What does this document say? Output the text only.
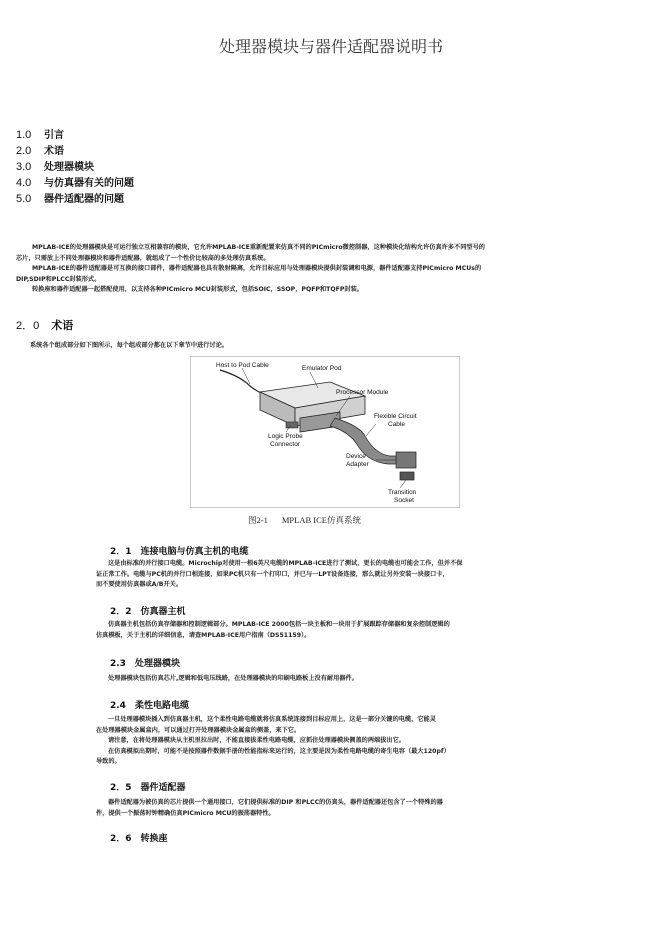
处理器模块与器件适配器说明书
1.0 引言
2.0 术语
3.0 处理器模块
4.0 与仿真器有关的问题
5.0 器件适配器的问题
MPLAB-ICE的处理器模块是可运行独立互相兼容的模块，它允许MPLAB-ICE重新配置来仿真不同的PICmicro微控制器，这种模块化结构允许仿真许多不同型号的
芯片，只需放上不同处理器模块和器件适配器，就组成了一个性价比较高的多处理仿真系统。
MPLAB-ICE的器件适配器是可互换的接口部件，器件适配器也具有散射隔离，允许目标应用与处理器模块提供封装调和电源，器件适配器支持PICmicro MCUs的
DIP,SDIP和PLCC封装形式。
转换座和器件适配器一起搭配使用，以支持各种PICmicro MCU封装形式，包括SOIC，SSOP，PQFP和TQFP封装。
2．0 术语
系统各个组成部分如下图所示，每个组成部分都在以下章节中进行讨论。
Host to Pod Cable	Emulator Pod
Processor Module
Flexible Circuit
Cable
Logic Probe
Connector
Device
Adapter
Transition
Socket
图2-1 MPLAB ICE仿真系统
2．1　连接电脑与仿真主机的电缆
这是由标准的并行接口电缆。Microchip对使用一根6英尺电缆的MPLAB-ICE进行了测试，更长的电缆也可能会工作，但并不保
证正常工作。电缆与PC机的并行口相连接，如果PC机只有一个打印口，并已与一LPT设备连接，那么就让另外安装一块接口卡，
而不要使用仿真器或A/B开关。
2．2　仿真器主机
仿真器主机包括仿真存储器和控制逻辑部分。MPLAB-ICE 2000包括一块主板和一块用于扩展跟踪存储器和复杂控制逻辑的
仿真模板，关于主机的详细信息，请查MPLAB-ICE用户指南（DS51159）。
2.3　处理器模块
处理器模块包括仿真芯片,逻辑和低电压线路，在处理器模块的印刷电路板上没有耐用器件。
2.4　柔性电路电缆
一旦处理器模块插入到仿真器主机，这个柔性电路电缆就将仿真系统连接到目标应用上，这是一部分关键的电缆，它能灵
在处理器模块金属盒内，可以通过打开处理器模块金属盒的侧盖，来下它。
请注意，在将处理器模块从主机里拉出时，不能直接拔柔性电路电缆，应抓住处理器模块侧盖的两端拔出它。
在仿真模拟出期时，可能不是按照器件数据手册的性能指标来运行的，这主要是因为柔性电路电缆的寄生电容（最大120pf）
导致的。
2．5　器件适配器
器件适配器为被仿真的芯片提供一个通用接口，它们提供标准的DIP 和PLCC的仿真头，器件适配器还包含了一个特殊的器
件，提供一个振荡时钟精确仿真PICmicro MCU的振荡器特性。
2．6　转换座
